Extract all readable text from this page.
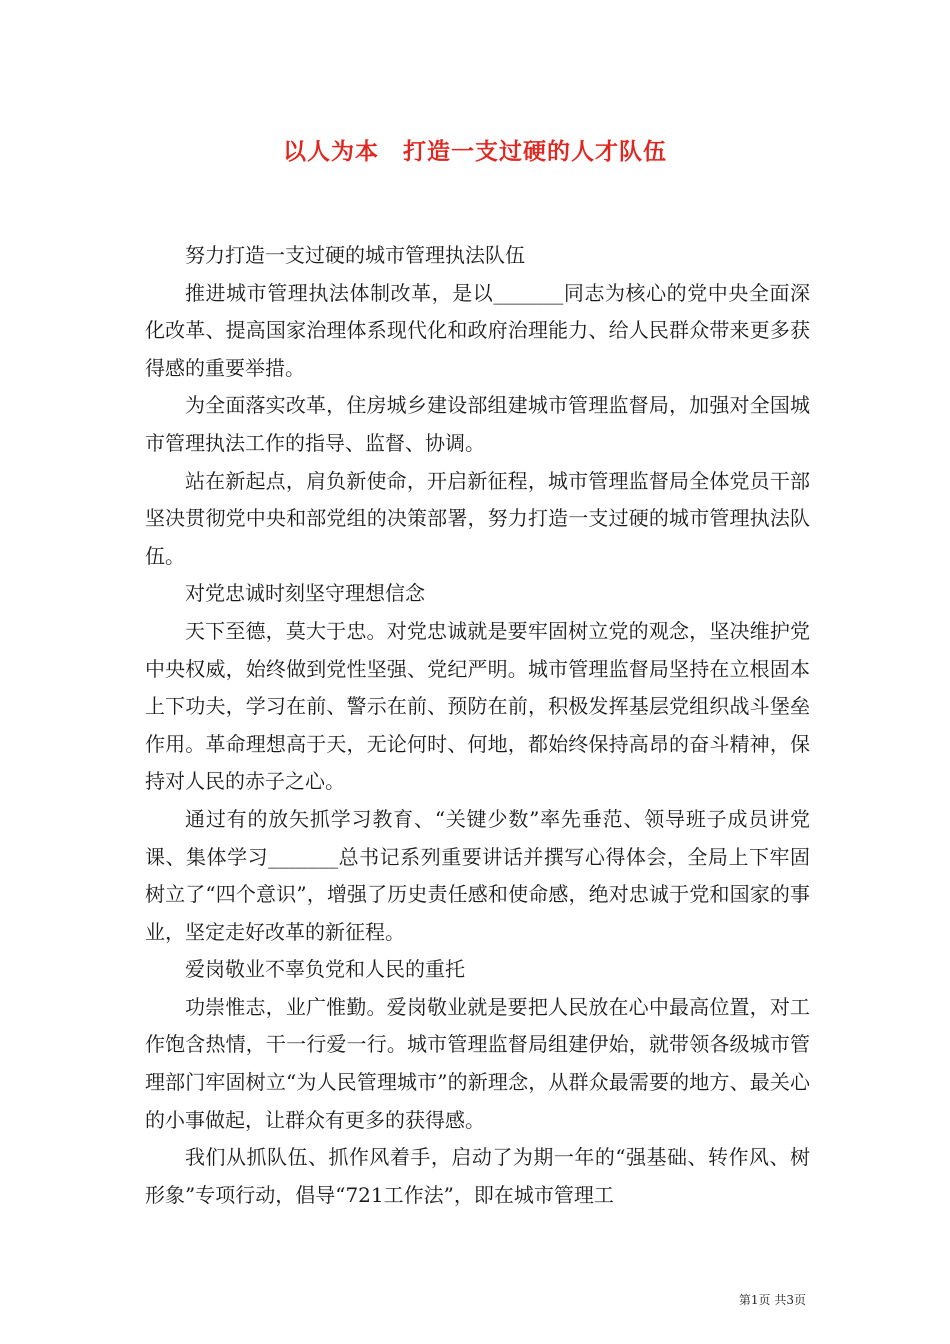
以人为本　打造一支过硬的人才队伍

努力打造一支过硬的城市管理执法队伍

推进城市管理执法体制改革，是以_______同志为核心的党中央全面深化改革、提高国家治理体系现代化和政府治理能力、给人民群众带来更多获得感的重要举措。

为全面落实改革，住房城乡建设部组建城市管理监督局，加强对全国城市管理执法工作的指导、监督、协调。

站在新起点，肩负新使命，开启新征程，城市管理监督局全体党员干部坚决贯彻党中央和部党组的决策部署，努力打造一支过硬的城市管理执法队伍。

对党忠诚时刻坚守理想信念

天下至德，莫大于忠。对党忠诚就是要牢固树立党的观念，坚决维护党中央权威，始终做到党性坚强、党纪严明。城市管理监督局坚持在立根固本上下功夫，学习在前、警示在前、预防在前，积极发挥基层党组织战斗堡垒作用。革命理想高于天，无论何时、何地，都始终保持高昂的奋斗精神，保持对人民的赤子之心。

通过有的放矢抓学习教育、“关键少数”率先垂范、领导班子成员讲党课、集体学习_______总书记系列重要讲话并撰写心得体会，全局上下牢固树立了“四个意识”，增强了历史责任感和使命感，绝对忠诚于党和国家的事业，坚定走好改革的新征程。

爱岗敬业不辜负党和人民的重托

功崇惟志，业广惟勤。爱岗敬业就是要把人民放在心中最高位置，对工作饱含热情，干一行爱一行。城市管理监督局组建伊始，就带领各级城市管理部门牢固树立“为人民管理城市”的新理念，从群众最需要的地方、最关心的小事做起，让群众有更多的获得感。

我们从抓队伍、抓作风着手，启动了为期一年的“强基础、转作风、树形象”专项行动，倡导“721工作法”，即在城市管理工

第1页 共3页
